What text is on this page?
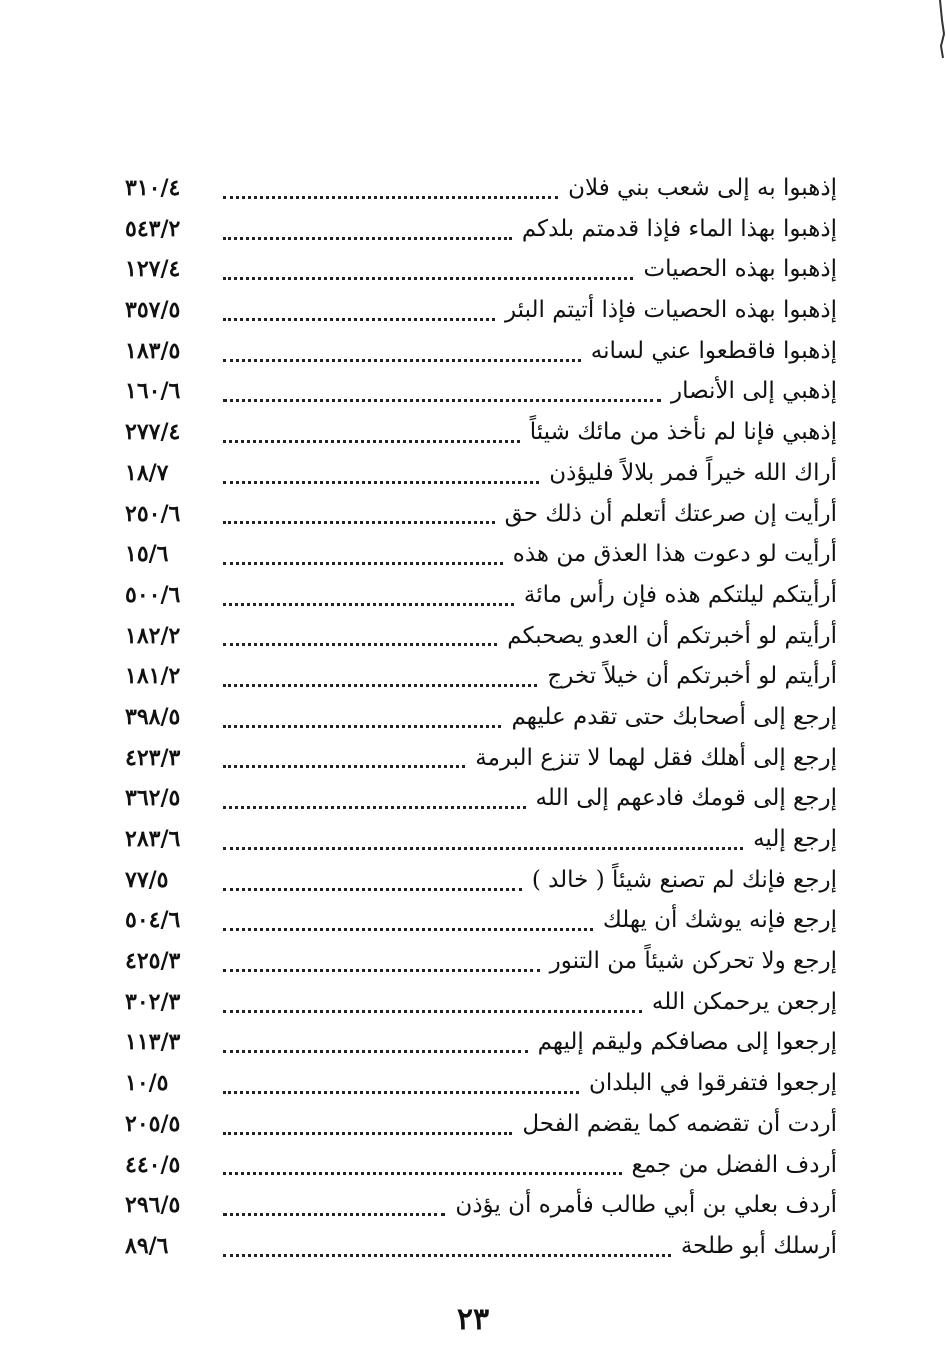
إذهبوا به إلى شعب بني فلان
٣١٠/٤
إذهبوا بهذا الماء فإذا قدمتم بلدكم
٥٤٣/٢
إذهبوا بهذه الحصيات
١٢٧/٤
إذهبوا بهذه الحصيات فإذا أتيتم البئر
٣٥٧/٥
إذهبوا فاقطعوا عني لسانه
١٨٣/٥
إذهبي إلى الأنصار
١٦٠/٦
إذهبي فإنا لم نأخذ من مائك شيئاً
٢٧٧/٤
أراك الله خيراً فمر بلالاً فليؤذن
١٨/٧
أرأيت إن صرعتك أتعلم أن ذلك حق
٢٥٠/٦
أرأيت لو دعوت هذا العذق من هذه
١٥/٦
أرأيتكم ليلتكم هذه فإن رأس مائة
٥٠٠/٦
أرأيتم لو أخبرتكم أن العدو يصحبكم
١٨٢/٢
أرأيتم لو أخبرتكم أن خيلاً تخرج
١٨١/٢
إرجع إلى أصحابك حتى تقدم عليهم
٣٩٨/٥
إرجع إلى أهلك فقل لهما لا تنزع البرمة
٤٢٣/٣
إرجع إلى قومك فادعهم إلى الله
٣٦٢/٥
إرجع إليه
٢٨٣/٦
إرجع فإنك لم تصنع شيئاً ( خالد )
٧٧/٥
إرجع فإنه يوشك أن يهلك
٥٠٤/٦
إرجع ولا تحركن شيئاً من التنور
٤٢٥/٣
إرجعن يرحمكن الله
٣٠٢/٣
إرجعوا إلى مصافكم وليقم إليهم
١١٣/٣
إرجعوا فتفرقوا في البلدان
١٠/٥
أردت أن تقضمه كما يقضم الفحل
٢٠٥/٥
أردف الفضل من جمع
٤٤٠/٥
أردف بعلي بن أبي طالب فأمره أن يؤذن
٢٩٦/٥
أرسلك أبو طلحة
٨٩/٦

٢٣
